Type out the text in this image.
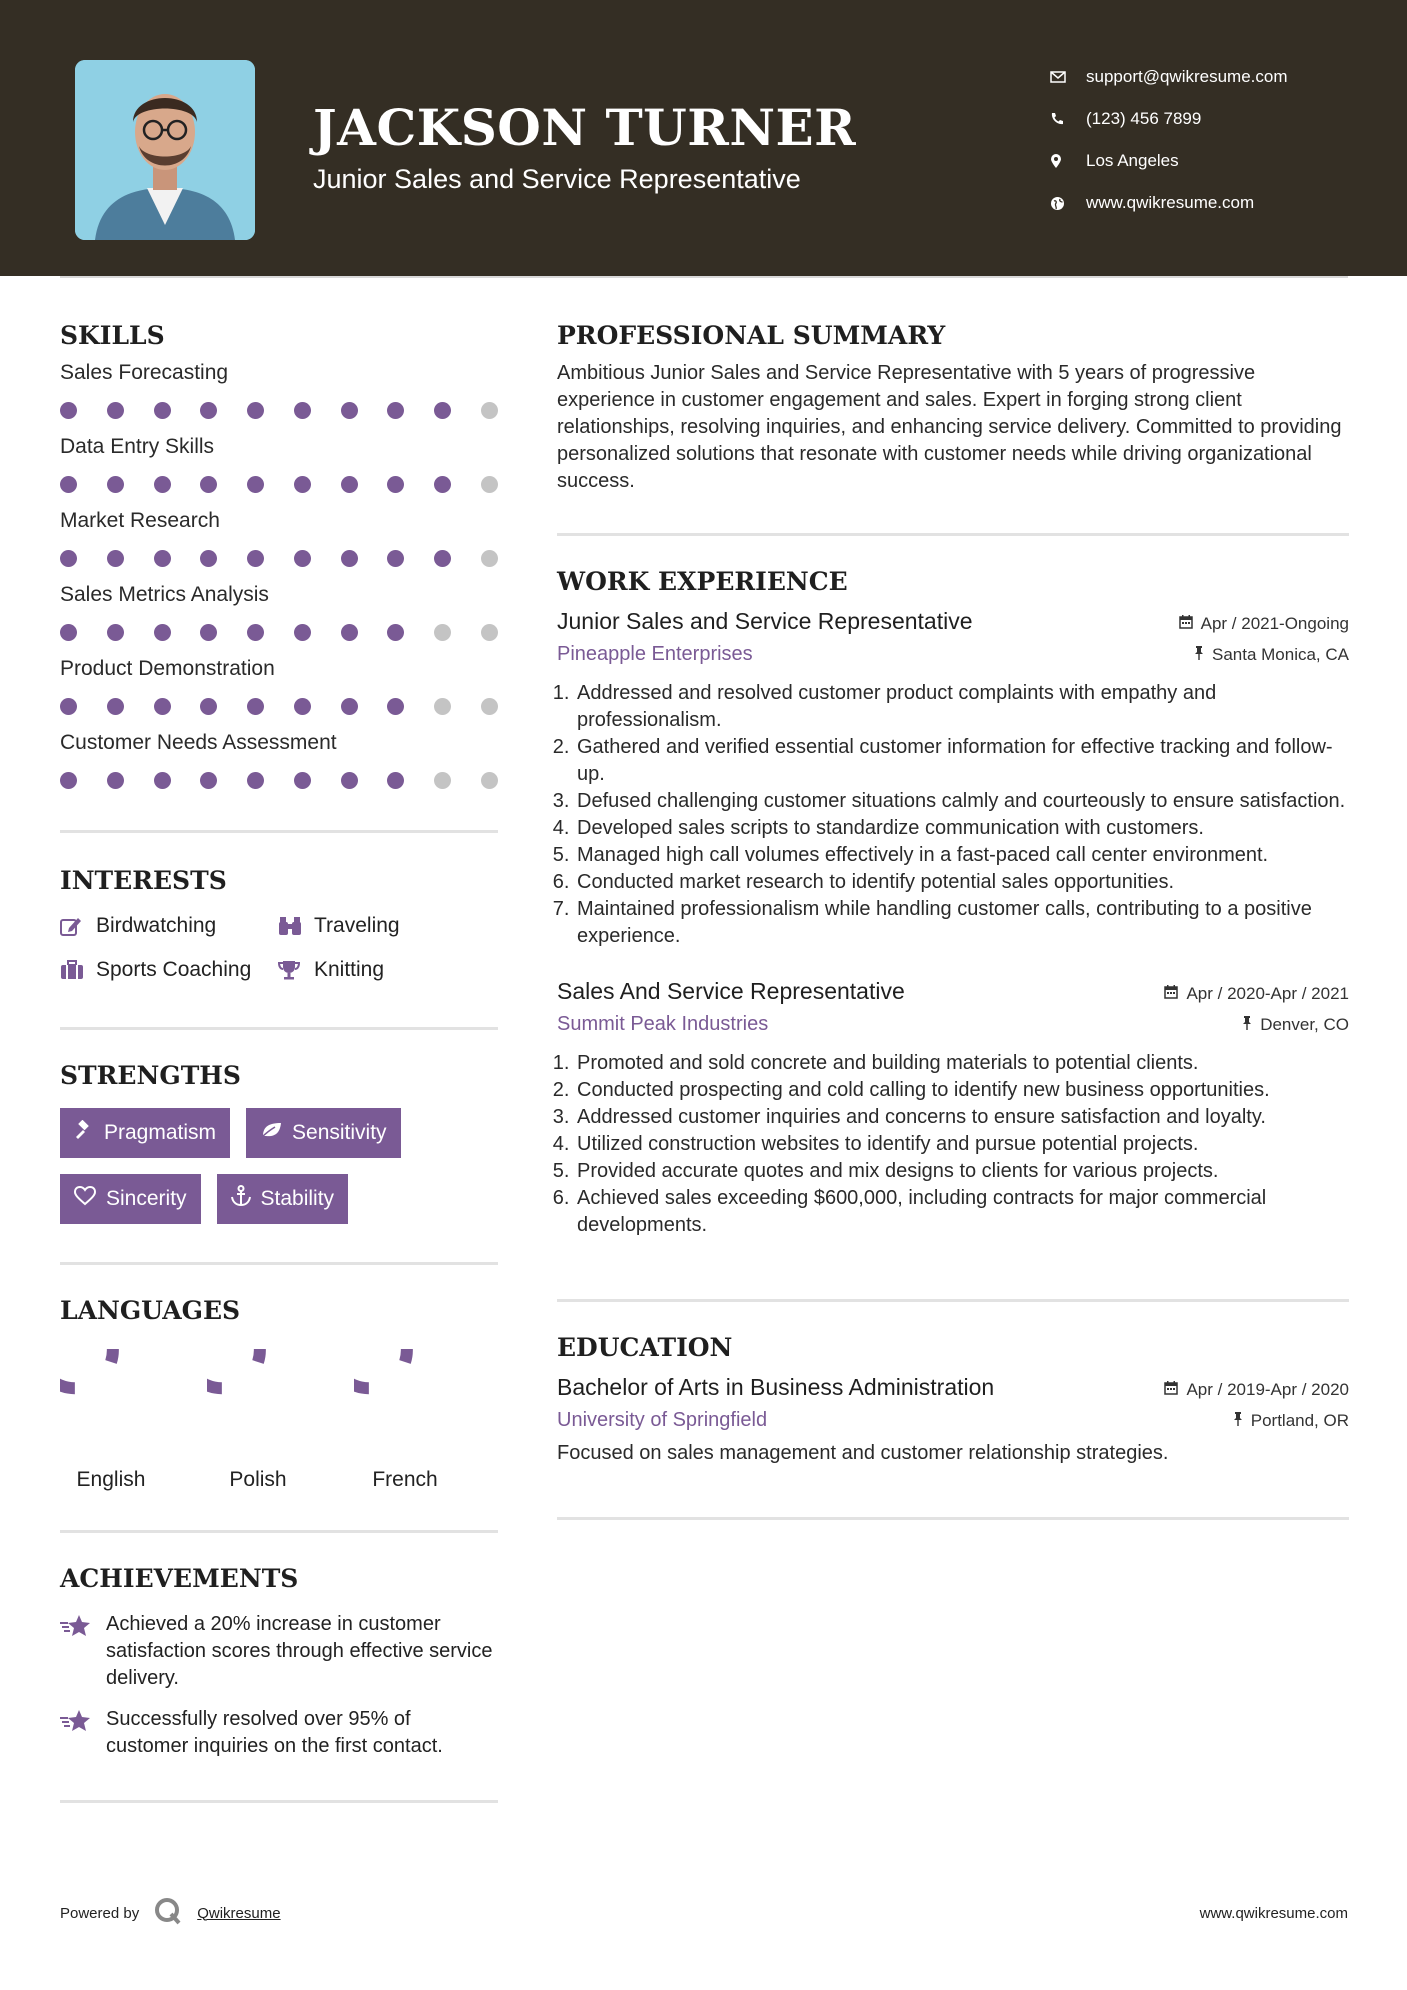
JACKSON TURNER
Junior Sales and Service Representative
support@qwikresume.com
(123) 456 7899
Los Angeles
www.qwikresume.com
SKILLS
Sales Forecasting
Data Entry Skills
Market Research
Sales Metrics Analysis
Product Demonstration
Customer Needs Assessment
INTERESTS
Birdwatching	Traveling
Sports Coaching	Knitting
STRENGTHS
Pragmatism	Sensitivity
Sincerity	Stability
LANGUAGES
English	Polish	French
ACHIEVEMENTS
Achieved a 20% increase in customer satisfaction scores through effective service delivery.
Successfully resolved over 95% of customer inquiries on the first contact.
PROFESSIONAL SUMMARY

Ambitious Junior Sales and Service Representative with 5 years of progressive experience in customer engagement and sales. Expert in forging strong client relationships, resolving inquiries, and enhancing service delivery. Committed to providing personalized solutions that resonate with customer needs while driving organizational success.

WORK EXPERIENCE
Junior Sales and Service Representative	Apr / 2021-Ongoing
Pineapple Enterprises	Santa Monica, CA
1. Addressed and resolved customer product complaints with empathy and professionalism.
2. Gathered and verified essential customer information for effective tracking and follow-up.
3. Defused challenging customer situations calmly and courteously to ensure satisfaction.
4. Developed sales scripts to standardize communication with customers.
5. Managed high call volumes effectively in a fast-paced call center environment.
6. Conducted market research to identify potential sales opportunities.
7. Maintained professionalism while handling customer calls, contributing to a positive experience.
Sales And Service Representative	Apr / 2020-Apr / 2021
Summit Peak Industries	Denver, CO
1. Promoted and sold concrete and building materials to potential clients.
2. Conducted prospecting and cold calling to identify new business opportunities.
3. Addressed customer inquiries and concerns to ensure satisfaction and loyalty.
4. Utilized construction websites to identify and pursue potential projects.
5. Provided accurate quotes and mix designs to clients for various projects.
6. Achieved sales exceeding $600,000, including contracts for major commercial developments.
EDUCATION
Bachelor of Arts in Business Administration	Apr / 2019-Apr / 2020
University of Springfield	Portland, OR

Focused on sales management and customer relationship strategies.

Powered by	Qwikresume	www.qwikresume.com
